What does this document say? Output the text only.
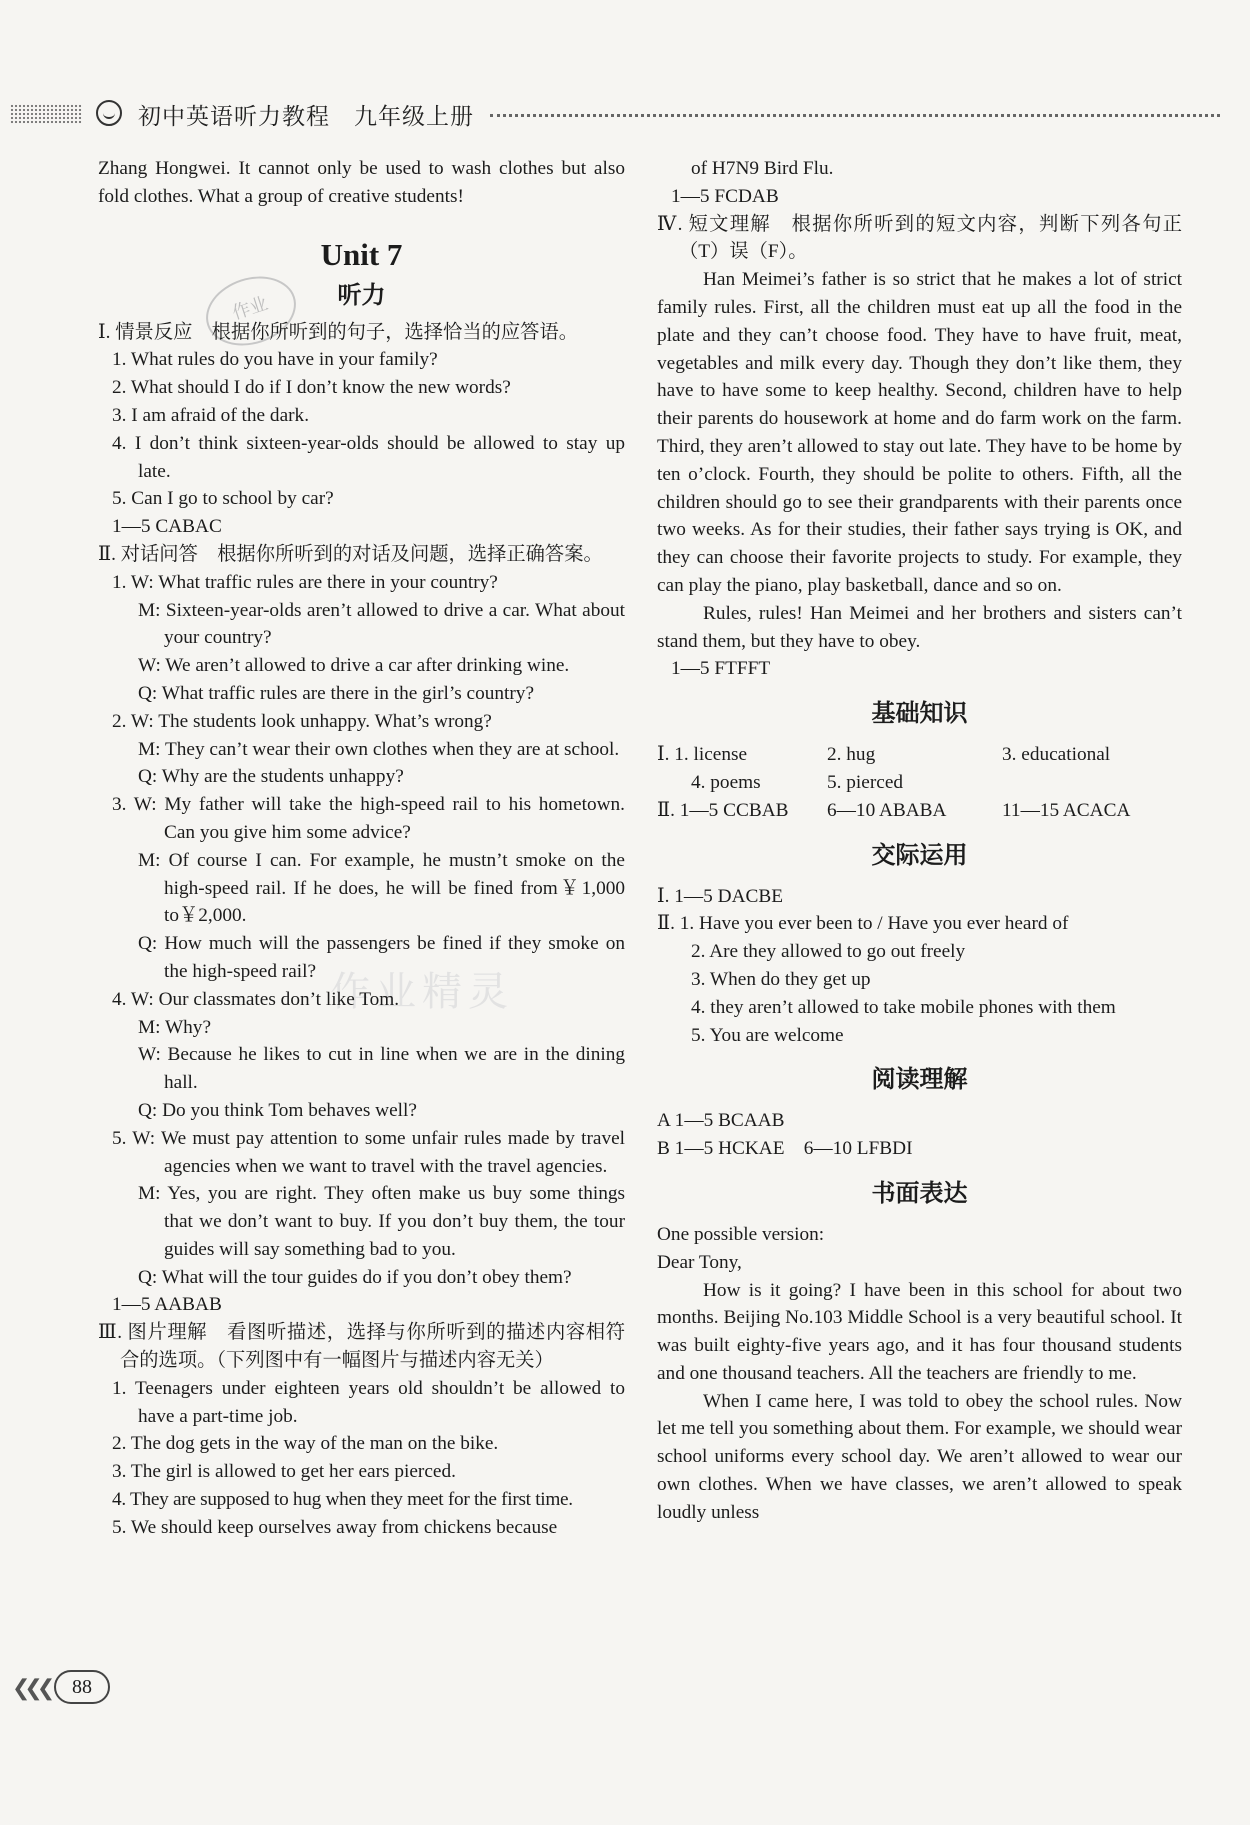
初中英语听力教程　九年级上册
作业
作业精灵

Zhang Hongwei. It cannot only be used to wash clothes but also fold clothes. What a group of creative students!

Unit 7
听力

Ⅰ. 情景反应　根据你所听到的句子，选择恰当的应答语。

1. What rules do you have in your family?

2. What should I do if I don’t know the new words?

3. I am afraid of the dark.

4. I don’t think sixteen-year-olds should be allowed to stay up late.

5. Can I go to school by car?

1—5 CABAC

Ⅱ. 对话问答　根据你所听到的对话及问题，选择正确答案。

1. W: What traffic rules are there in your country?

M: Sixteen-year-olds aren’t allowed to drive a car. What about your country?

W: We aren’t allowed to drive a car after drinking wine.

Q: What traffic rules are there in the girl’s country?

2. W: The students look unhappy. What’s wrong?

M: They can’t wear their own clothes when they are at school.

Q: Why are the students unhappy?

3. W: My father will take the high-speed rail to his hometown. Can you give him some advice?

M: Of course I can. For example, he mustn’t smoke on the high-speed rail. If he does, he will be fined from￥1,000 to￥2,000.

Q: How much will the passengers be fined if they smoke on the high-speed rail?

4. W: Our classmates don’t like Tom.

M: Why?

W: Because he likes to cut in line when we are in the dining hall.

Q: Do you think Tom behaves well?

5. W: We must pay attention to some unfair rules made by travel agencies when we want to travel with the travel agencies.

M: Yes, you are right. They often make us buy some things that we don’t want to buy. If you don’t buy them, the tour guides will say something bad to you.

Q: What will the tour guides do if you don’t obey them?

1—5 AABAB

Ⅲ. 图片理解　看图听描述，选择与你所听到的描述内容相符合的选项。（下列图中有一幅图片与描述内容无关）

1. Teenagers under eighteen years old shouldn’t be allowed to have a part-time job.

2. The dog gets in the way of the man on the bike.

3. The girl is allowed to get her ears pierced.

4. They are supposed to hug when they meet for the first time.

5. We should keep ourselves away from chickens because

of H7N9 Bird Flu.

1—5 FCDAB

Ⅳ. 短文理解　根据你所听到的短文内容，判断下列各句正（T）误（F）。

Han Meimei’s father is so strict that he makes a lot of strict family rules. First, all the children must eat up all the food in the plate and they can’t choose food. They have to have fruit, meat, vegetables and milk every day. Though they don’t like them, they have to have some to keep healthy. Second, children have to help their parents do housework at home and do farm work on the farm. Third, they aren’t allowed to stay out late. They have to be home by ten o’clock. Fourth, they should be polite to others. Fifth, all the children should go to see their grandparents with their parents once two weeks. As for their studies, their father says trying is OK, and they can choose their favorite projects to study. For example, they can play the piano, play basketball, dance and so on.

Rules, rules! Han Meimei and her brothers and sisters can’t stand them, but they have to obey.

1—5 FTFFT

基础知识
Ⅰ. 1. license	2. hug	3. educational
4. poems	5. pierced
Ⅱ. 1—5 CCBAB	6—10 ABABA	11—15 ACACA
交际运用

Ⅰ. 1—5 DACBE

Ⅱ. 1. Have you ever been to / Have you ever heard of

2. Are they allowed to go out freely

3. When do they get up

4. they aren’t allowed to take mobile phones with them

5. You are welcome

阅读理解

A 1—5 BCAAB

B 1—5 HCKAE　6—10 LFBDI

书面表达

One possible version:

Dear Tony,

How is it going? I have been in this school for about two months. Beijing No.103 Middle School is a very beautiful school. It was built eighty-five years ago, and it has four thousand students and one thousand teachers. All the teachers are friendly to me.

When I came here, I was told to obey the school rules. Now let me tell you something about them. For example, we should wear school uniforms every school day. We aren’t allowed to wear our own clothes. When we have classes, we aren’t allowed to speak loudly unless

❮❮❮	88
